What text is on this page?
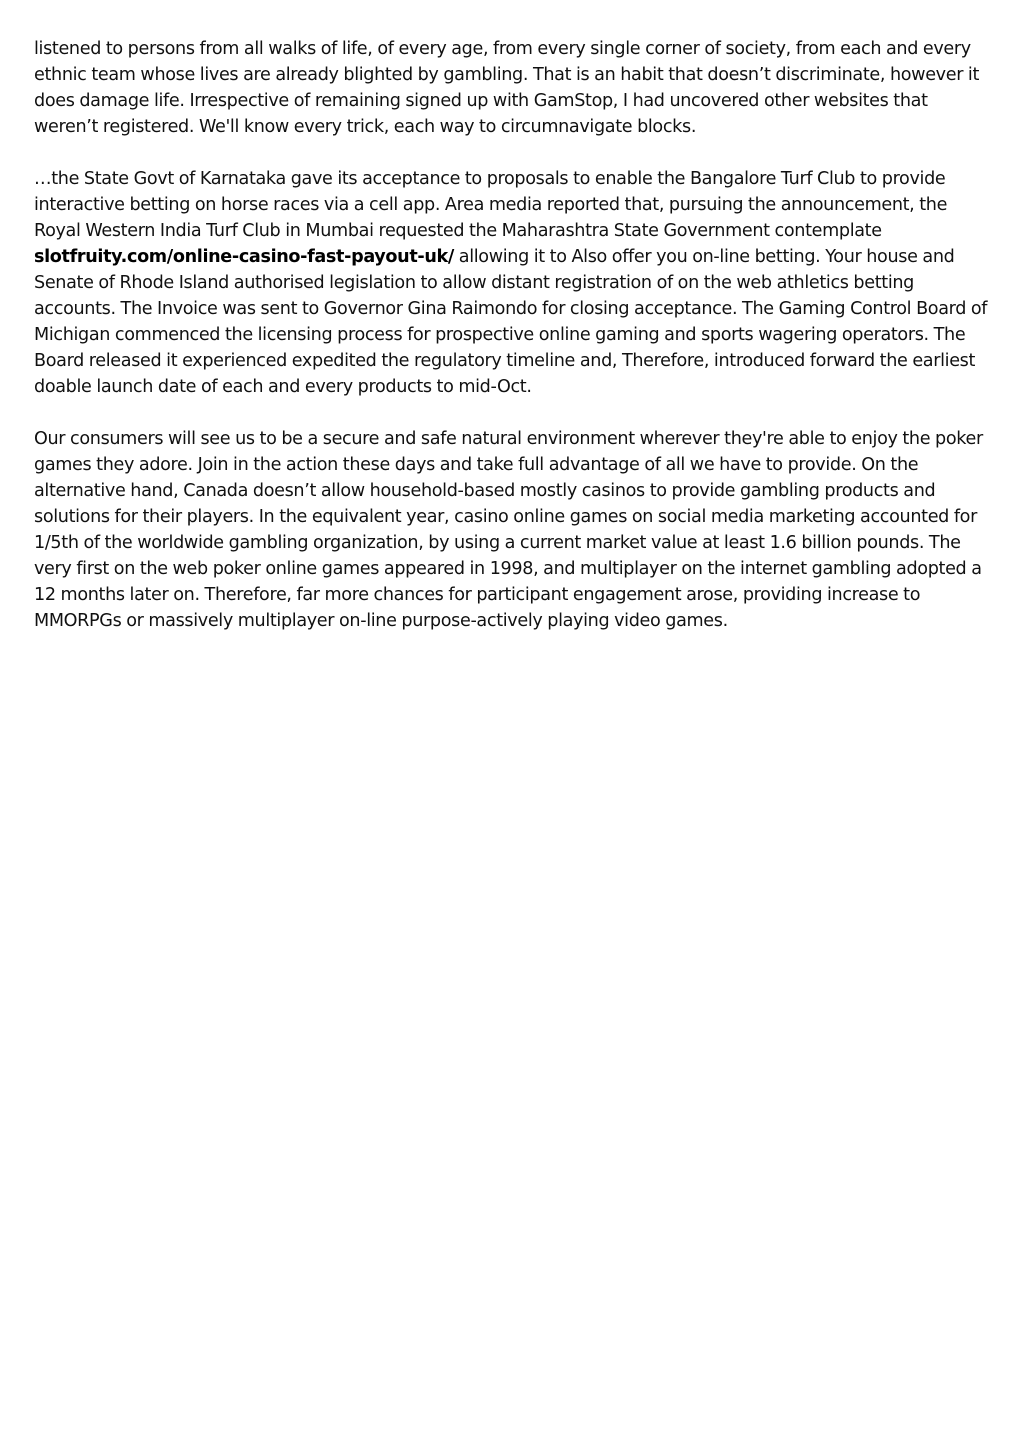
listened to persons from all walks of life, of every age, from every single corner of society, from each and every ethnic team whose lives are already blighted by gambling. That is an habit that doesn’t discriminate, however it does damage life. Irrespective of remaining signed up with GamStop, I had uncovered other websites that weren’t registered. We'll know every trick, each way to circumnavigate blocks.

…the State Govt of Karnataka gave its acceptance to proposals to enable the Bangalore Turf Club to provide interactive betting on horse races via a cell app. Area media reported that, pursuing the announcement, the Royal Western India Turf Club in Mumbai requested the Maharashtra State Government contemplate slotfruity.com/online-casino-fast-payout-uk/ allowing it to Also offer you on-line betting. Your house and Senate of Rhode Island authorised legislation to allow distant registration of on the web athletics betting accounts. The Invoice was sent to Governor Gina Raimondo for closing acceptance. The Gaming Control Board of Michigan commenced the licensing process for prospective online gaming and sports wagering operators. The Board released it experienced expedited the regulatory timeline and, Therefore, introduced forward the earliest doable launch date of each and every products to mid-Oct.

Our consumers will see us to be a secure and safe natural environment wherever they're able to enjoy the poker games they adore. Join in the action these days and take full advantage of all we have to provide. On the alternative hand, Canada doesn’t allow household-based mostly casinos to provide gambling products and solutions for their players. In the equivalent year, casino online games on social media marketing accounted for 1/5th of the worldwide gambling organization, by using a current market value at least 1.6 billion pounds. The very first on the web poker online games appeared in 1998, and multiplayer on the internet gambling adopted a 12 months later on. Therefore, far more chances for participant engagement arose, providing increase to MMORPGs or massively multiplayer on-line purpose-actively playing video games.
